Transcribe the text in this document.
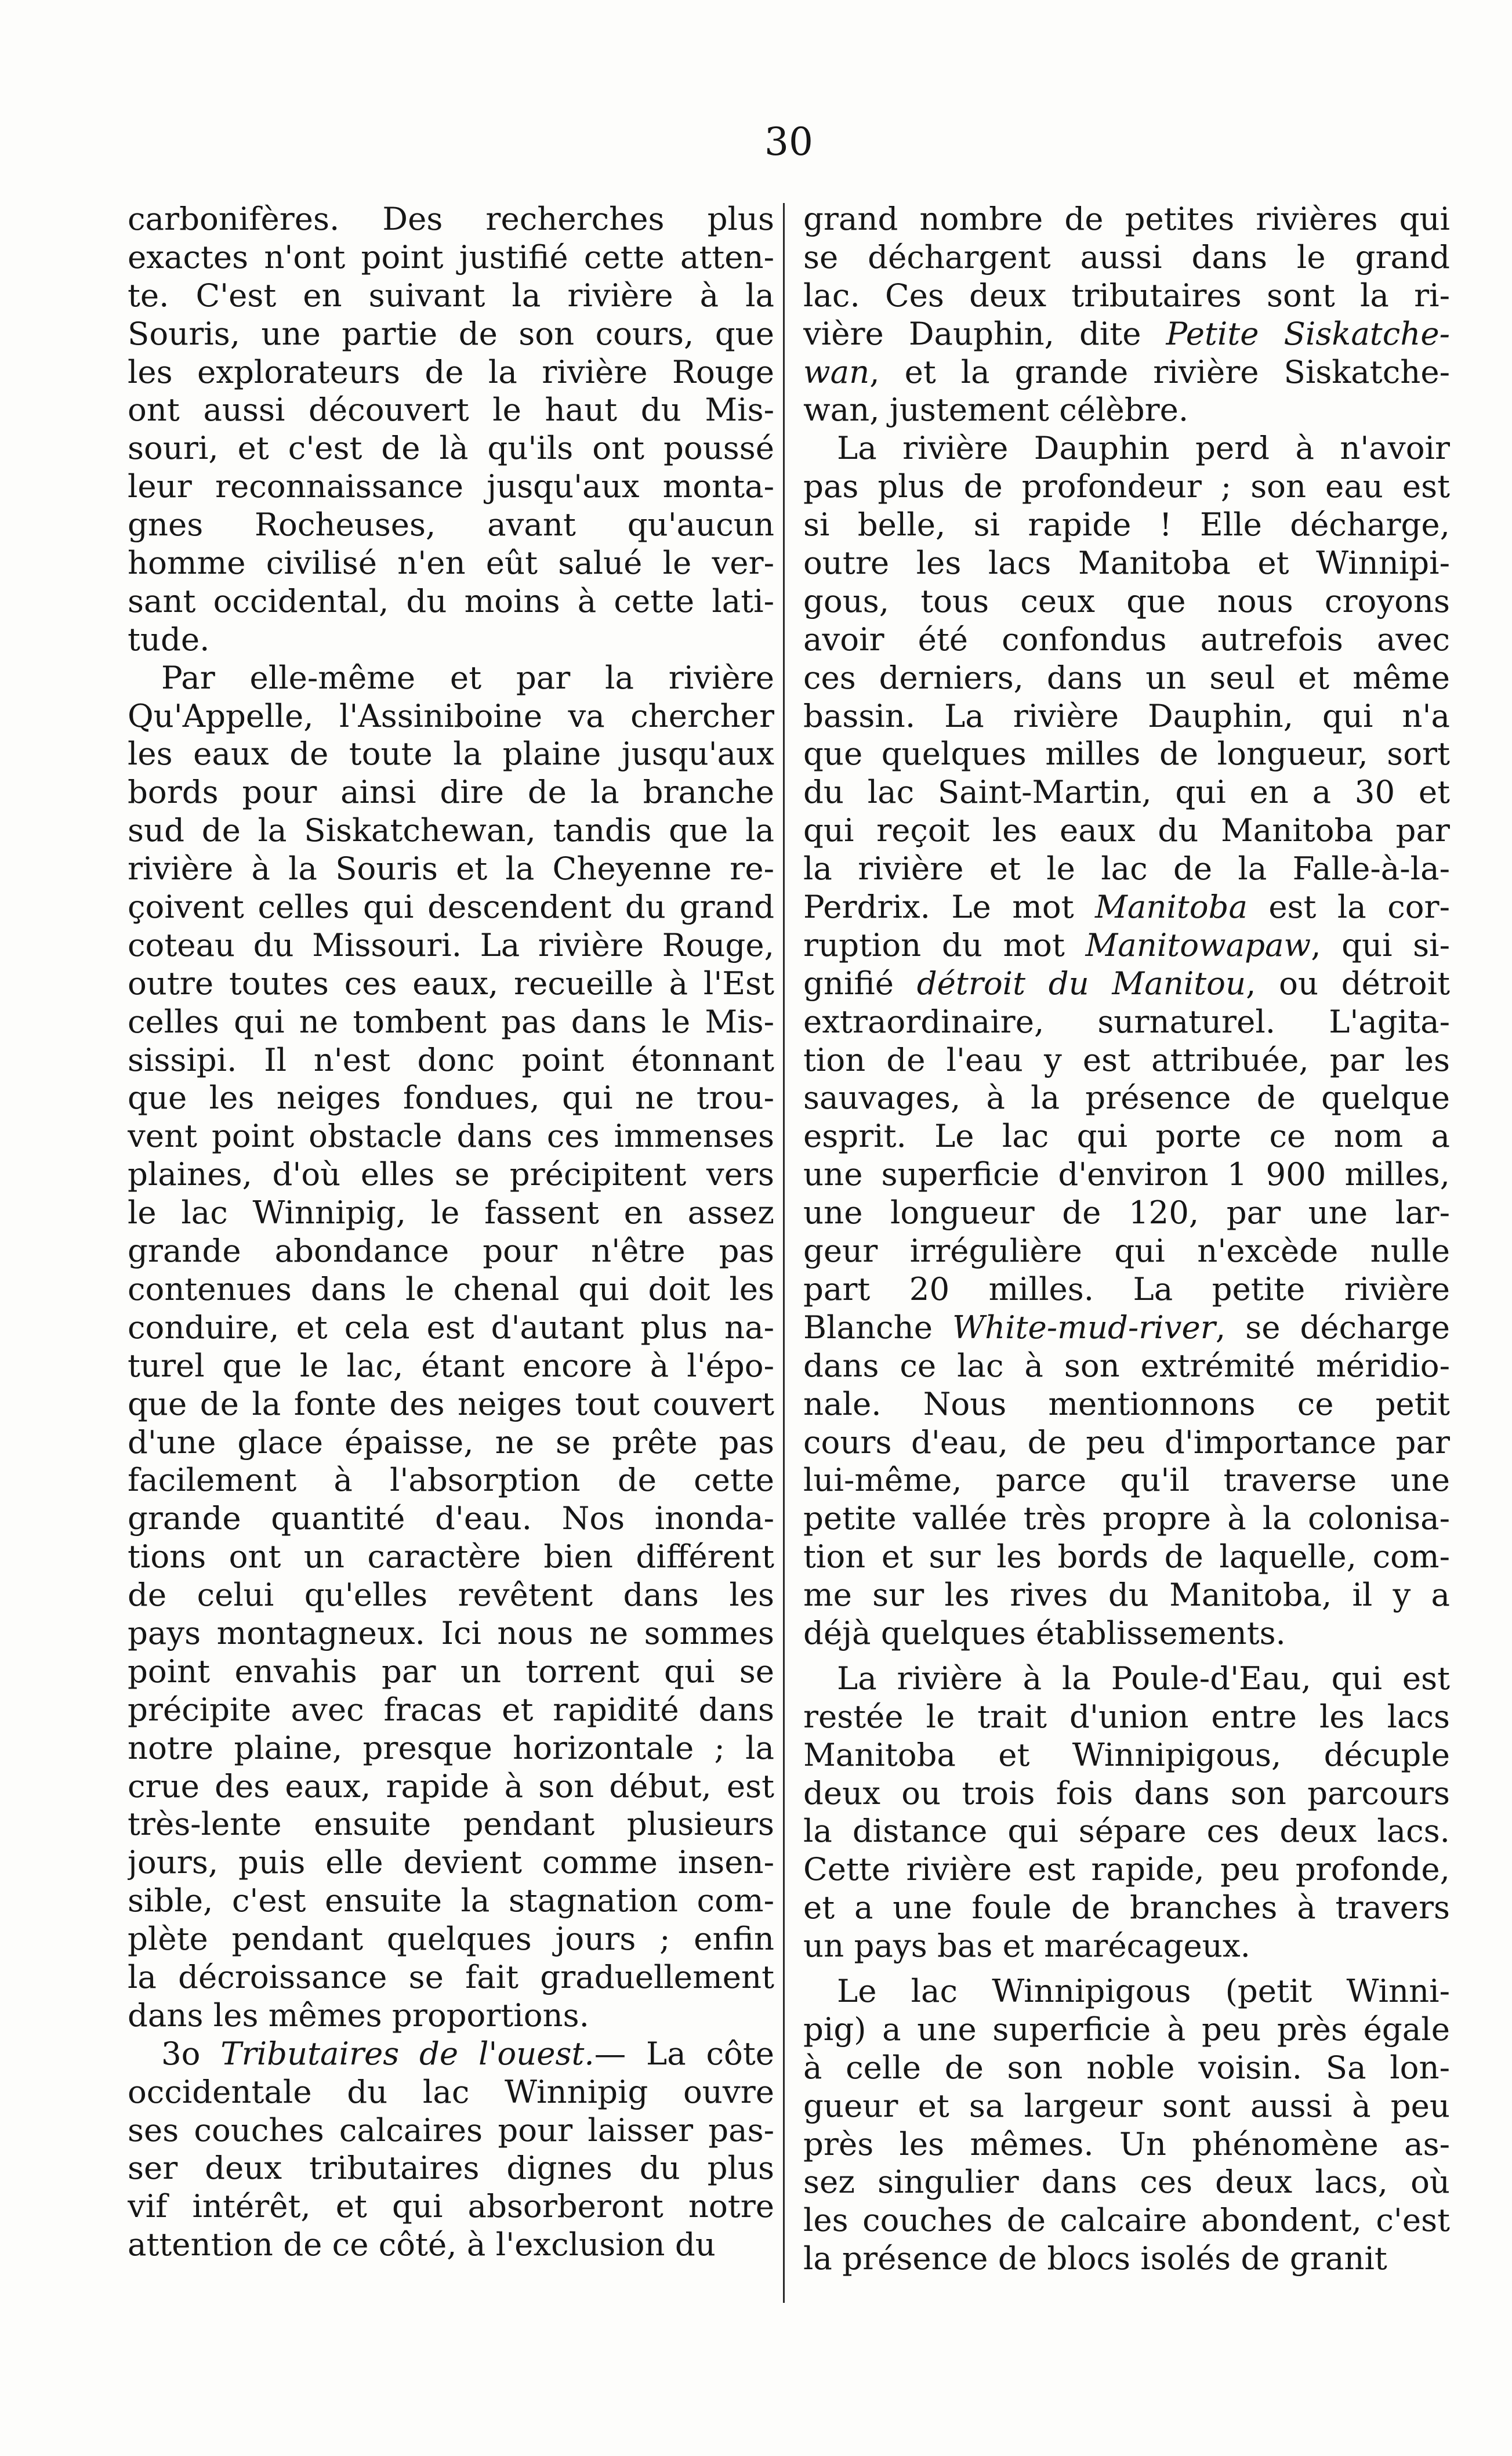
30
carbonifères. Des recherches plus
exactes n'ont point justifié cette atten-
te. C'est en suivant la rivière à la
Souris, une partie de son cours, que
les explorateurs de la rivière Rouge
ont aussi découvert le haut du Mis-
souri, et c'est de là qu'ils ont poussé
leur reconnaissance jusqu'aux monta-
gnes Rocheuses, avant qu'aucun
homme civilisé n'en eût salué le ver-
sant occidental, du moins à cette lati-
tude.
Par elle-même et par la rivière
Qu'Appelle, l'Assiniboine va chercher
les eaux de toute la plaine jusqu'aux
bords pour ainsi dire de la branche
sud de la Siskatchewan, tandis que la
rivière à la Souris et la Cheyenne re-
çoivent celles qui descendent du grand
coteau du Missouri. La rivière Rouge,
outre toutes ces eaux, recueille à l'Est
celles qui ne tombent pas dans le Mis-
sissipi. Il n'est donc point étonnant
que les neiges fondues, qui ne trou-
vent point obstacle dans ces immenses
plaines, d'où elles se précipitent vers
le lac Winnipig, le fassent en assez
grande abondance pour n'être pas
contenues dans le chenal qui doit les
conduire, et cela est d'autant plus na-
turel que le lac, étant encore à l'épo-
que de la fonte des neiges tout couvert
d'une glace épaisse, ne se prête pas
facilement à l'absorption de cette
grande quantité d'eau. Nos inonda-
tions ont un caractère bien différent
de celui qu'elles revêtent dans les
pays montagneux. Ici nous ne sommes
point envahis par un torrent qui se
précipite avec fracas et rapidité dans
notre plaine, presque horizontale ; la
crue des eaux, rapide à son début, est
très-lente ensuite pendant plusieurs
jours, puis elle devient comme insen-
sible, c'est ensuite la stagnation com-
plète pendant quelques jours ; enfin
la décroissance se fait graduellement
dans les mêmes proportions.
3o Tributaires de l'ouest.— La côte
occidentale du lac Winnipig ouvre
ses couches calcaires pour laisser pas-
ser deux tributaires dignes du plus
vif intérêt, et qui absorberont notre
attention de ce côté, à l'exclusion du
grand nombre de petites rivières qui
se déchargent aussi dans le grand
lac. Ces deux tributaires sont la ri-
vière Dauphin, dite Petite Siskatche-
wan, et la grande rivière Siskatche-
wan, justement célèbre.
La rivière Dauphin perd à n'avoir
pas plus de profondeur ; son eau est
si belle, si rapide ! Elle décharge,
outre les lacs Manitoba et Winnipi-
gous, tous ceux que nous croyons
avoir été confondus autrefois avec
ces derniers, dans un seul et même
bassin. La rivière Dauphin, qui n'a
que quelques milles de longueur, sort
du lac Saint-Martin, qui en a 30 et
qui reçoit les eaux du Manitoba par
la rivière et le lac de la Falle-à-la-
Perdrix. Le mot Manitoba est la cor-
ruption du mot Manitowapaw, qui si-
gnifié détroit du Manitou, ou détroit
extraordinaire, surnaturel. L'agita-
tion de l'eau y est attribuée, par les
sauvages, à la présence de quelque
esprit. Le lac qui porte ce nom a
une superficie d'environ 1 900 milles,
une longueur de 120, par une lar-
geur irrégulière qui n'excède nulle
part 20 milles. La petite rivière
Blanche White-mud-river, se décharge
dans ce lac à son extrémité méridio-
nale. Nous mentionnons ce petit
cours d'eau, de peu d'importance par
lui-même, parce qu'il traverse une
petite vallée très propre à la colonisa-
tion et sur les bords de laquelle, com-
me sur les rives du Manitoba, il y a
déjà quelques établissements.
La rivière à la Poule-d'Eau, qui est
restée le trait d'union entre les lacs
Manitoba et Winnipigous, décuple
deux ou trois fois dans son parcours
la distance qui sépare ces deux lacs.
Cette rivière est rapide, peu profonde,
et a une foule de branches à travers
un pays bas et marécageux.
Le lac Winnipigous (petit Winni-
pig) a une superficie à peu près égale
à celle de son noble voisin. Sa lon-
gueur et sa largeur sont aussi à peu
près les mêmes. Un phénomène as-
sez singulier dans ces deux lacs, où
les couches de calcaire abondent, c'est
la présence de blocs isolés de granit
